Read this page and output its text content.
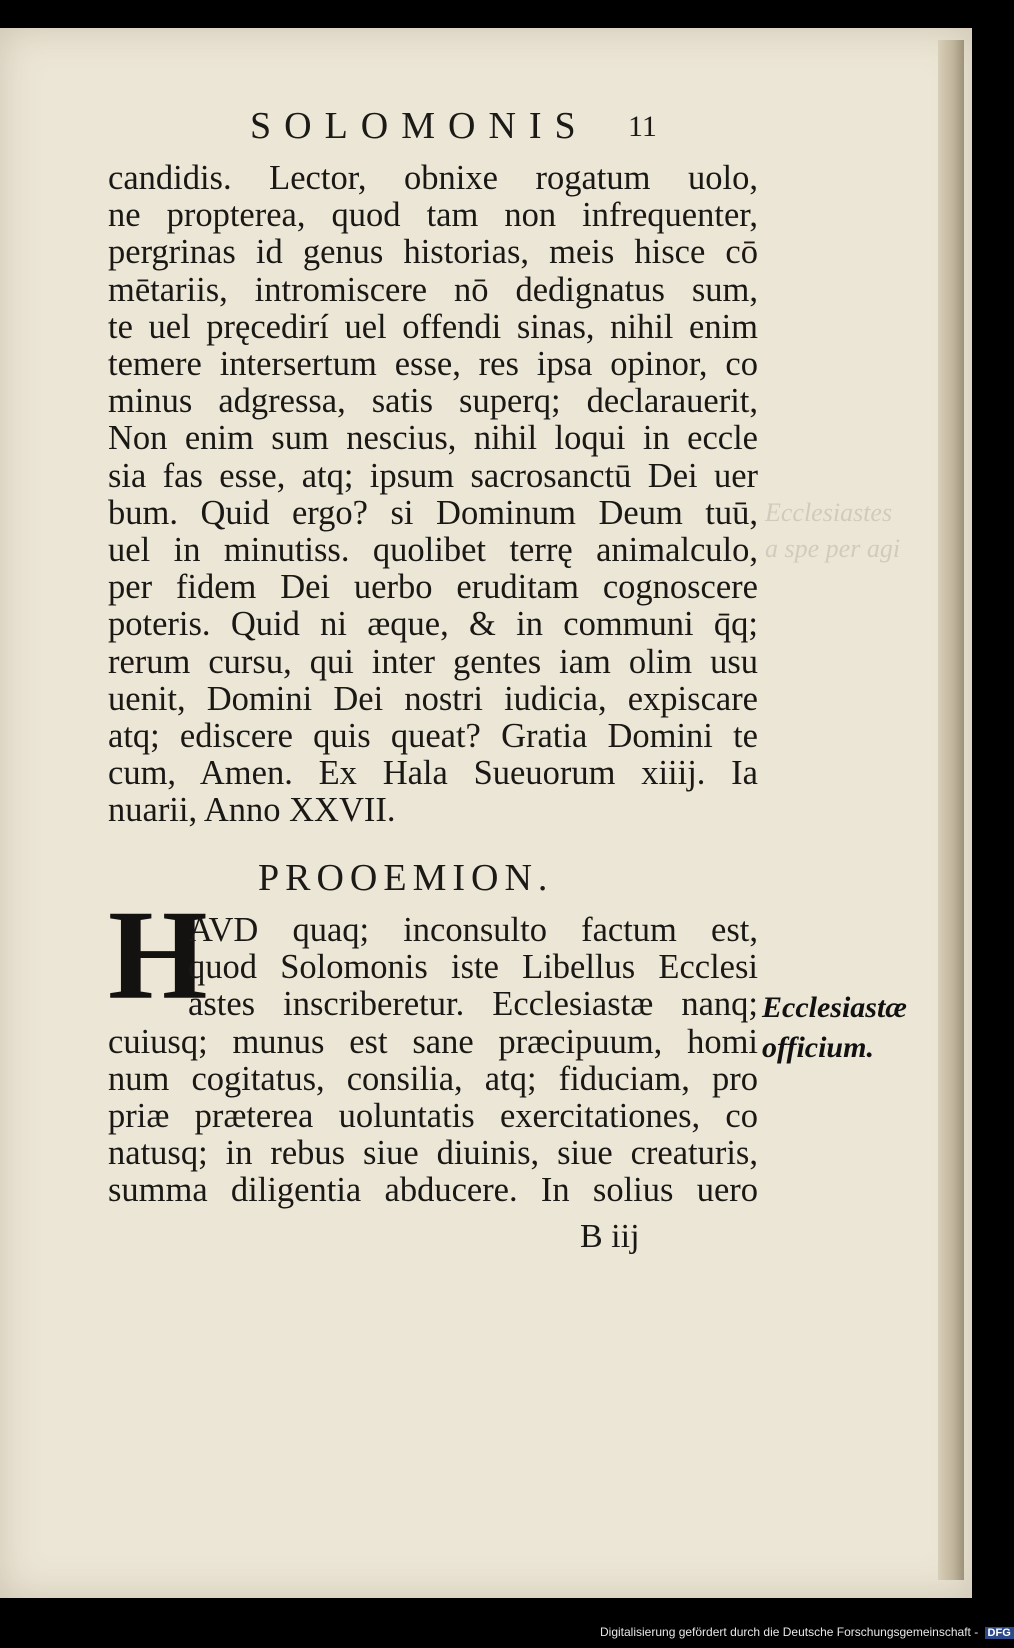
Ecclesiastes
a spe per agi
SOLOMONIS	11
candidis. Lector, obnixe rogatum uolo,
ne propterea, quod tam non infrequenter,
pergrinas id genus historias, meis hisce cō
mētariis, intromiscere nō dedignatus sum,
te uel pręcedirí uel offendi sinas, nihil enim
temere intersertum esse, res ipsa opinor, co
minus adgressa, satis superq; declarauerit,
Non enim sum nescius, nihil loqui in eccle
sia fas esse, atq; ipsum sacrosanctū Dei uer
bum. Quid ergo? si Dominum Deum tuū,
uel in minutiss. quolibet terrę animalculo,
per fidem Dei uerbo eruditam cognoscere
poteris. Quid ni æque, & in communi q̄q;
rerum cursu, qui inter gentes iam olim usu
uenit, Domini Dei nostri iudicia, expiscare
atq; ediscere quis queat? Gratia Domini te
cum, Amen. Ex Hala Sueuorum xiiij. Ia
nuarii, Anno XXVII.
PROOEMION.
H
AVD quaq; inconsulto factum est,
quod Solomonis iste Libellus Ecclesi
astes inscriberetur. Ecclesiastæ nanq;
cuiusq; munus est sane præcipuum, homi
num cogitatus, consilia, atq; fiduciam, pro
priæ præterea uoluntatis exercitationes, co
natusq; in rebus siue diuinis, siue creaturis,
summa diligentia abducere. In solius uero
Ecclesiastæ
officium.
B iij
Digitalisierung gefördert durch die Deutsche Forschungsgemeinschaft - DFG
